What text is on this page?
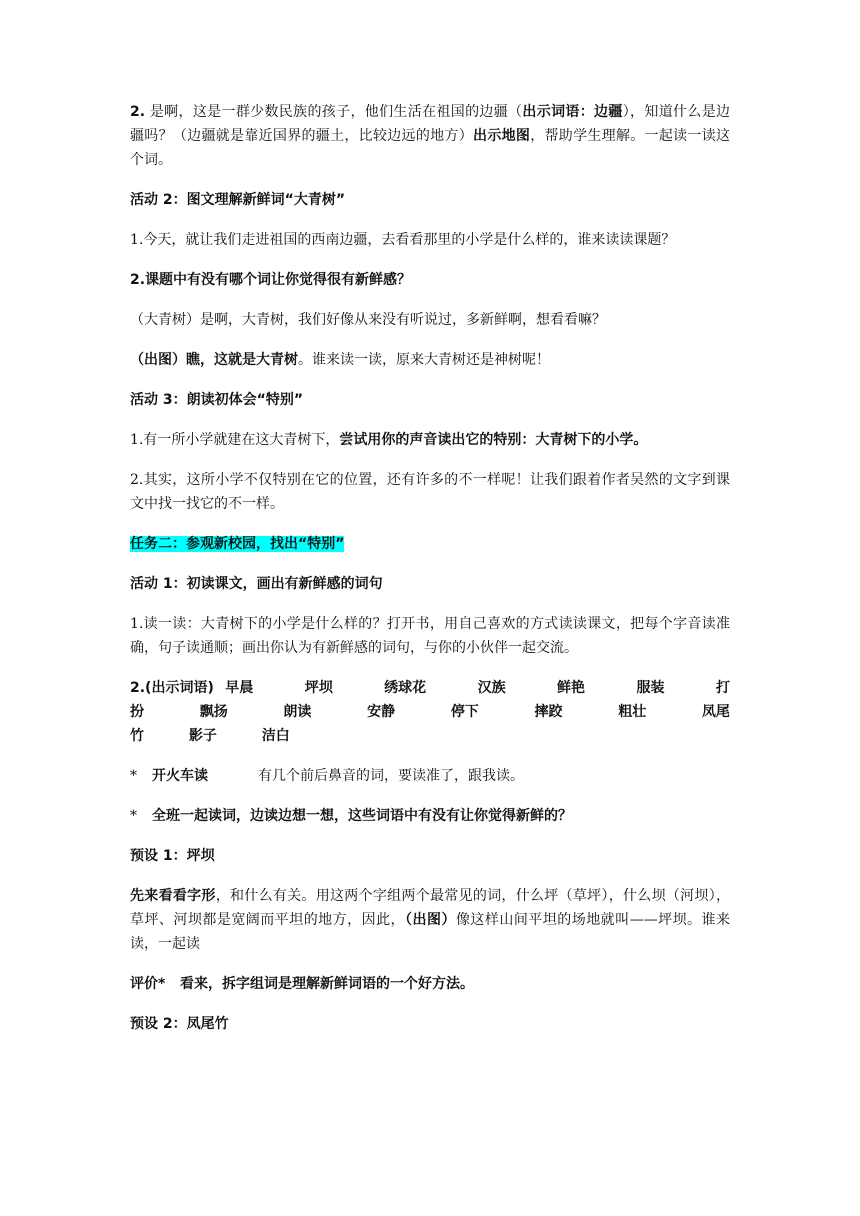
2. 是啊，这是一群少数民族的孩子，他们生活在祖国的边疆（出示词语：边疆），知道什么是边疆吗？（边疆就是靠近国界的疆土，比较边远的地方）出示地图，帮助学生理解。一起读一读这个词。

活动 2：图文理解新鲜词“大青树”

1.今天，就让我们走进祖国的西南边疆，去看看那里的小学是什么样的，谁来读读课题？

2.课题中有没有哪个词让你觉得很有新鲜感？

（大青树）是啊，大青树，我们好像从来没有听说过，多新鲜啊，想看看嘛？

（出图）瞧，这就是大青树。谁来读一读，原来大青树还是神树呢！

活动 3：朗读初体会“特别”

1.有一所小学就建在这大青树下，尝试用你的声音读出它的特别：大青树下的小学。

2.其实，这所小学不仅特别在它的位置，还有许多的不一样呢！让我们跟着作者吴然的文字到课文中找一找它的不一样。

任务二：参观新校园，找出“特别”

活动 1：初读课文，画出有新鲜感的词句

1.读一读：大青树下的小学是什么样的？打开书，用自己喜欢的方式读读课文，把每个字音读准确，句子读通顺；画出你认为有新鲜感的词句，与你的小伙伴一起交流。

2.(出示词语) 早晨	坪坝	绣球花	汉族	鲜艳	服装	打

扮	飘扬	朗读	安静	停下	摔跤	粗壮	凤尾

竹	影子	洁白

* 开火车读	有几个前后鼻音的词，要读准了，跟我读。

* 全班一起读词，边读边想一想，这些词语中有没有让你觉得新鲜的？

预设 1：坪坝

先来看看字形，和什么有关。用这两个字组两个最常见的词，什么坪（草坪），什么坝（河坝），草坪、河坝都是宽阔而平坦的地方，因此，（出图）像这样山间平坦的场地就叫——坪坝。谁来读，一起读

评价*   看来，拆字组词是理解新鲜词语的一个好方法。

预设 2：凤尾竹
